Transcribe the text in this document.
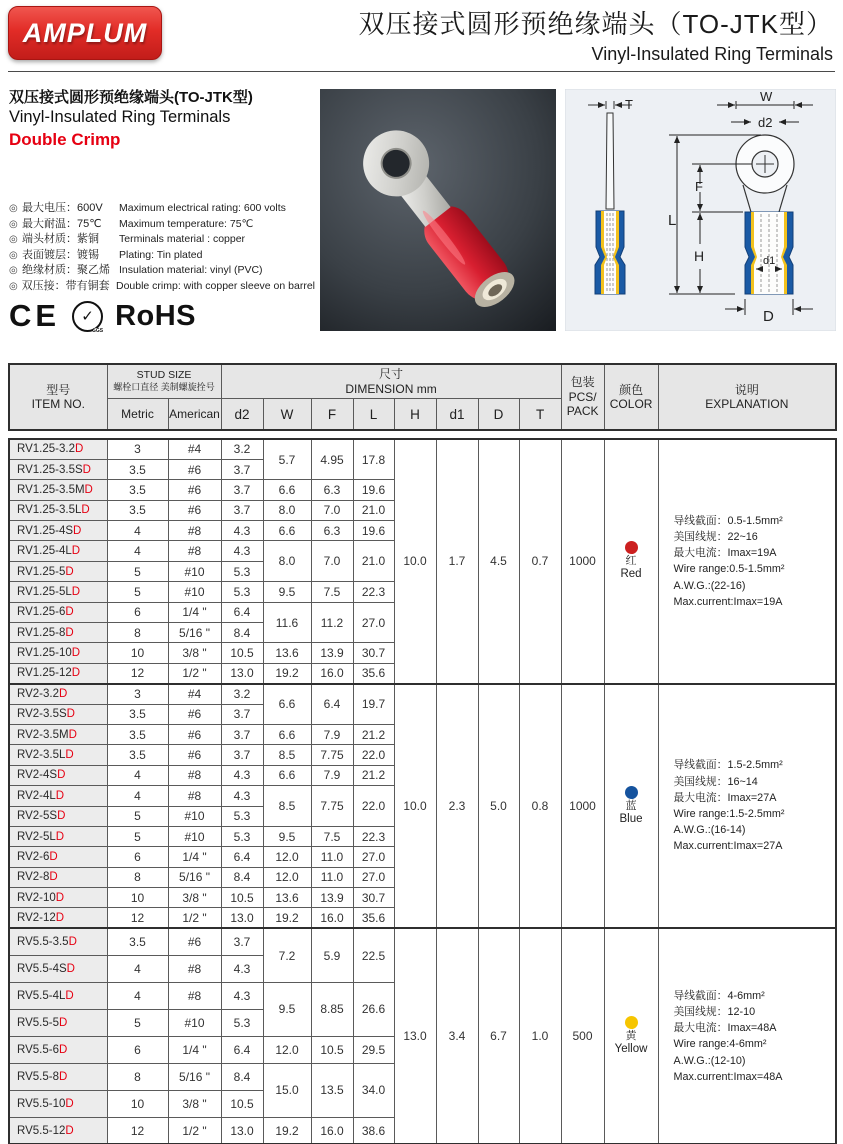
AMPLUM	双压接式圆形预绝缘端头（TO-JTK型）
Vinyl-Insulated Ring Terminals
双压接式圆形预绝缘端头(TO-JTK型)
Vinyl-Insulated Ring Terminals
Double Crimp
◎ 最大电压：600V	Maximum electrical rating: 600 volts
◎ 最大耐温：75℃	Maximum temperature: 75℃
◎ 端头材质：紫铜	Terminals material : copper
◎ 表面镀层：镀锡	Plating: Tin plated
◎ 绝缘材质：聚乙烯 Insulation material: vinyl (PVC)
◎ 双压接：带有铜套 Double crimp: with copper sleeve on barrel
CE ✓
SGS RoHS
T
W
d2
F
L
H	d1
D
型号
ITEM NO.

STUD SIZE
螺栓口直径 美制螺旋拴号

尺寸
DIMENSION mm	包装
PCS/
PACK

颜色
COLOR

说明
EXPLANATION

	Metric	American	d2	W	F	L	H	d1	D	T			
RV1.25-3.2D	3	#4	3.2	5.7	4.95	17.8	10.0	1.7	4.5	0.7	1000	红
Red

导线截面：0.5-1.5mm²
美国线规：22~16
最大电流：Imax=19A
Wire range:0.5-1.5mm²
A.W.G.:(22-16)
Max.current:Imax=19A

RV1.25-3.5SD	3.5	#6	3.7										
RV1.25-3.5MD	3.5	#6	3.7	6.6	6.3	19.6							
RV1.25-3.5LD	3.5	#6	3.7	8.0	7.0	21.0							
RV1.25-4SD	4	#8	4.3	6.6	6.3	19.6							
RV1.25-4LD	4	#8	4.3	8.0	7.0	21.0							
RV1.25-5D	5	#10	5.3										
RV1.25-5LD	5	#10	5.3	9.5	7.5	22.3							
RV1.25-6D	6	1/4 "	6.4	11.6	11.2	27.0							
RV1.25-8D	8	5/16 "	8.4										
RV1.25-10D	10	3/8 "	10.5	13.6	13.9	30.7							
RV1.25-12D	12	1/2 "	13.0	19.2	16.0	35.6							
RV2-3.2D	3	#4	3.2	6.6	6.4	19.7	10.0	2.3	5.0	0.8	1000	蓝
Blue

导线截面：1.5-2.5mm²
美国线规：16~14
最大电流：Imax=27A
Wire range:1.5-2.5mm²
A.W.G.:(16-14)
Max.current:Imax=27A

RV2-3.5SD	3.5	#6	3.7										
RV2-3.5MD	3.5	#6	3.7	6.6	7.9	21.2							
RV2-3.5LD	3.5	#6	3.7	8.5	7.75	22.0							
RV2-4SD	4	#8	4.3	6.6	7.9	21.2							
RV2-4LD	4	#8	4.3	8.5	7.75	22.0							
RV2-5SD	5	#10	5.3										
RV2-5LD	5	#10	5.3	9.5	7.5	22.3							
RV2-6D	6	1/4 "	6.4	12.0	11.0	27.0							
RV2-8D	8	5/16 "	8.4	12.0	11.0	27.0							
RV2-10D	10	3/8 "	10.5	13.6	13.9	30.7							
RV2-12D	12	1/2 "	13.0	19.2	16.0	35.6							
RV5.5-3.5D	3.5	#6	3.7	7.2	5.9	22.5	13.0	3.4	6.7	1.0	500	黄
Yellow

导线截面：4-6mm²
美国线规：12-10
最大电流：Imax=48A
Wire range:4-6mm²
A.W.G.:(12-10)
Max.current:Imax=48A

RV5.5-4SD	4	#8	4.3										
RV5.5-4LD	4	#8	4.3	9.5	8.85	26.6							
RV5.5-5D	5	#10	5.3										
RV5.5-6D	6	1/4 "	6.4	12.0	10.5	29.5							
RV5.5-8D	8	5/16 "	8.4	15.0	13.5	34.0							
RV5.5-10D	10	3/8 "	10.5										
RV5.5-12D	12	1/2 "	13.0	19.2	16.0	38.6							
